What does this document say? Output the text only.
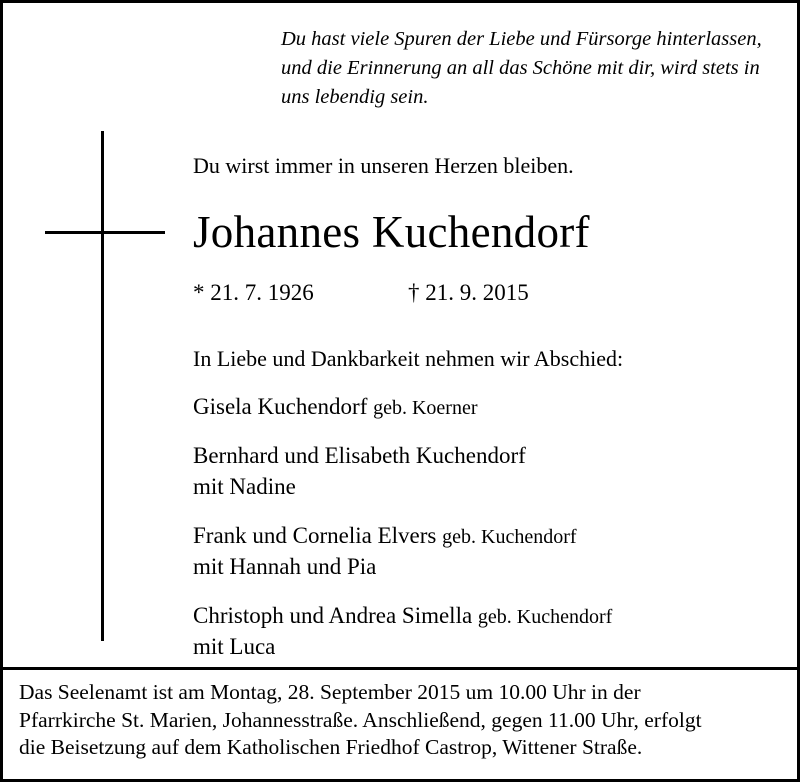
Du hast viele Spuren der Liebe und Fürsorge hinterlassen,
und die Erinnerung an all das Schöne mit dir, wird stets in
uns lebendig sein.
Du wirst immer in unseren Herzen bleiben.
Johannes Kuchendorf
* 21. 7. 1926	† 21. 9. 2015
In Liebe und Dankbarkeit nehmen wir Abschied:
Gisela Kuchendorf geb. Koerner
Bernhard und Elisabeth Kuchendorf
mit Nadine
Frank und Cornelia Elvers geb. Kuchendorf
mit Hannah und Pia
Christoph und Andrea Simella geb. Kuchendorf
mit Luca
Das Seelenamt ist am Montag, 28. September 2015 um 10.00 Uhr in der
Pfarrkirche St. Marien, Johannesstraße. Anschließend, gegen 11.00 Uhr, erfolgt
die Beisetzung auf dem Katholischen Friedhof Castrop, Wittener Straße.
